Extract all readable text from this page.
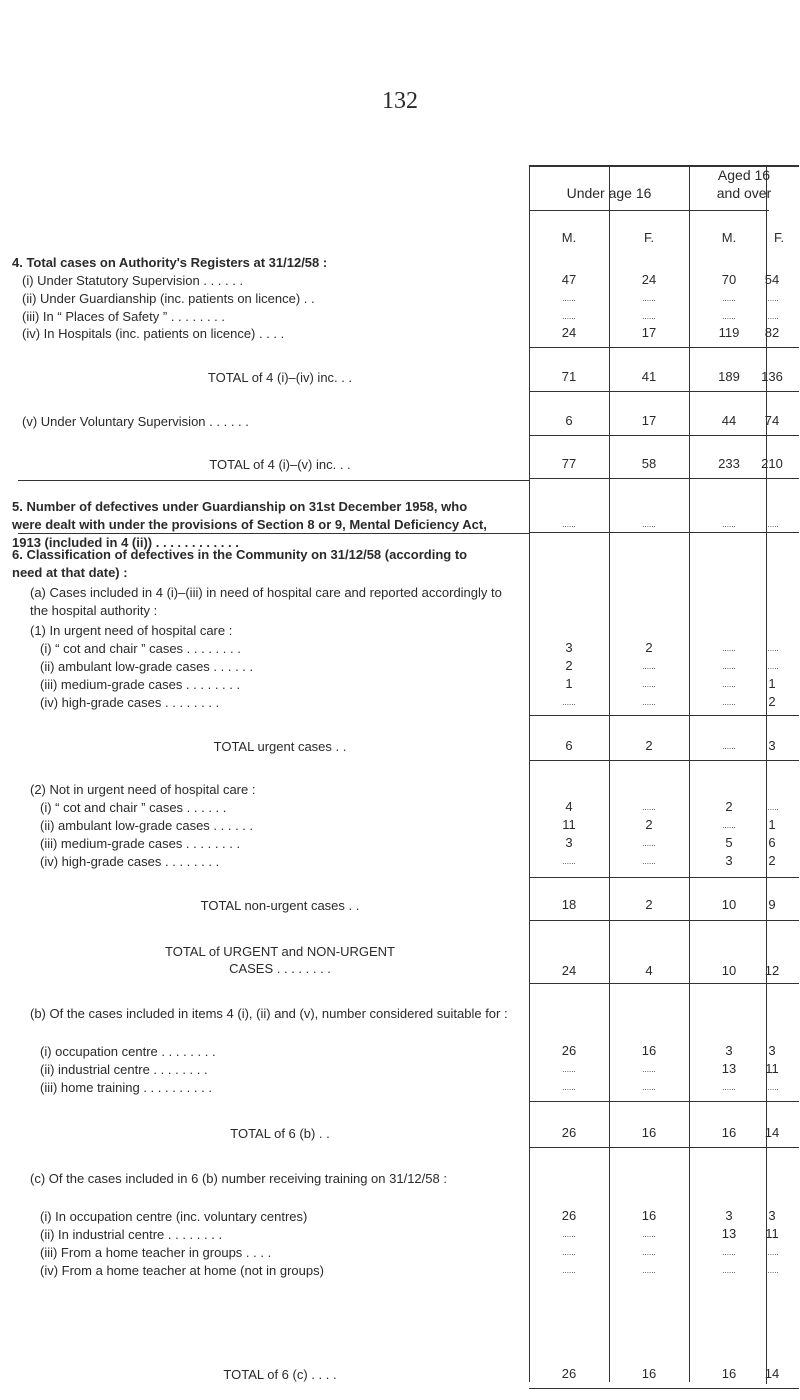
132
Under age 16
Aged 16
and over
M.	F.	M.	F.
4. Total cases on Authority's Registers at 31/12/58 :
(i) Under Statutory Supervision . . . . . .	47	24	70	54
(ii) Under Guardianship (inc. patients on licence) . .	......	......	......	......
(iii) In “ Places of Safety ” . . . . . . . .	......	......	......	......
(iv) In Hospitals (inc. patients on licence) . . . .	24	17	119	82
TOTAL of 4 (i)–(iv) inc. . .	71	41	189	136
(v) Under Voluntary Supervision . . . . . .	6	17	44	74
TOTAL of 4 (i)–(v) inc. . .	77	58	233	210
5. Number of defectives under Guardianship on 31st December 1958, who were dealt with under the provisions of Section 8 or 9, Mental Deficiency Act, 1913 (included in 4 (ii)) . . . . . . . . . . . .
......	......	......	......
6. Classification of defectives in the Community on 31/12/58 (according to need at that date) :
(a) Cases included in 4 (i)–(iii) in need of hospital care and reported accordingly to the hospital authority :
(1) In urgent need of hospital care :
(i) “ cot and chair ” cases . . . . . . . .	3	2	......	......
(ii) ambulant low-grade cases . . . . . .	2	......	......	......
(iii) medium-grade cases . . . . . . . .	1	......	......	1
(iv) high-grade cases . . . . . . . .	......	......	......	2
TOTAL urgent cases . .	6	2	......	3
(2) Not in urgent need of hospital care :
(i) “ cot and chair ” cases . . . . . .	4	......	2	......
(ii) ambulant low-grade cases . . . . . .	11	2	......	1
(iii) medium-grade cases . . . . . . . .	3	......	5	6
(iv) high-grade cases . . . . . . . .	......	......	3	2
TOTAL non-urgent cases . .	18	2	10	9
TOTAL of URGENT and NON-URGENT
CASES . . . . . . . .	24	4	10	12
(b) Of the cases included in items 4 (i), (ii) and (v), number considered suitable for :
(i) occupation centre . . . . . . . .	26	16	3	3
(ii) industrial centre . . . . . . . .	......	......	13	11
(iii) home training . . . . . . . . . .	......	......	......	......
TOTAL of 6 (b) . .	26	16	16	14
(c) Of the cases included in 6 (b) number receiving training on 31/12/58 :
(i) In occupation centre (inc. voluntary centres)	26	16	3	3
(ii) In industrial centre . . . . . . . .	......	......	13	11
(iii) From a home teacher in groups . . . .	......	......	......	......
(iv) From a home teacher at home (not in groups)	......	......	......	......
TOTAL of 6 (c) . . . .	26	16	16	14
